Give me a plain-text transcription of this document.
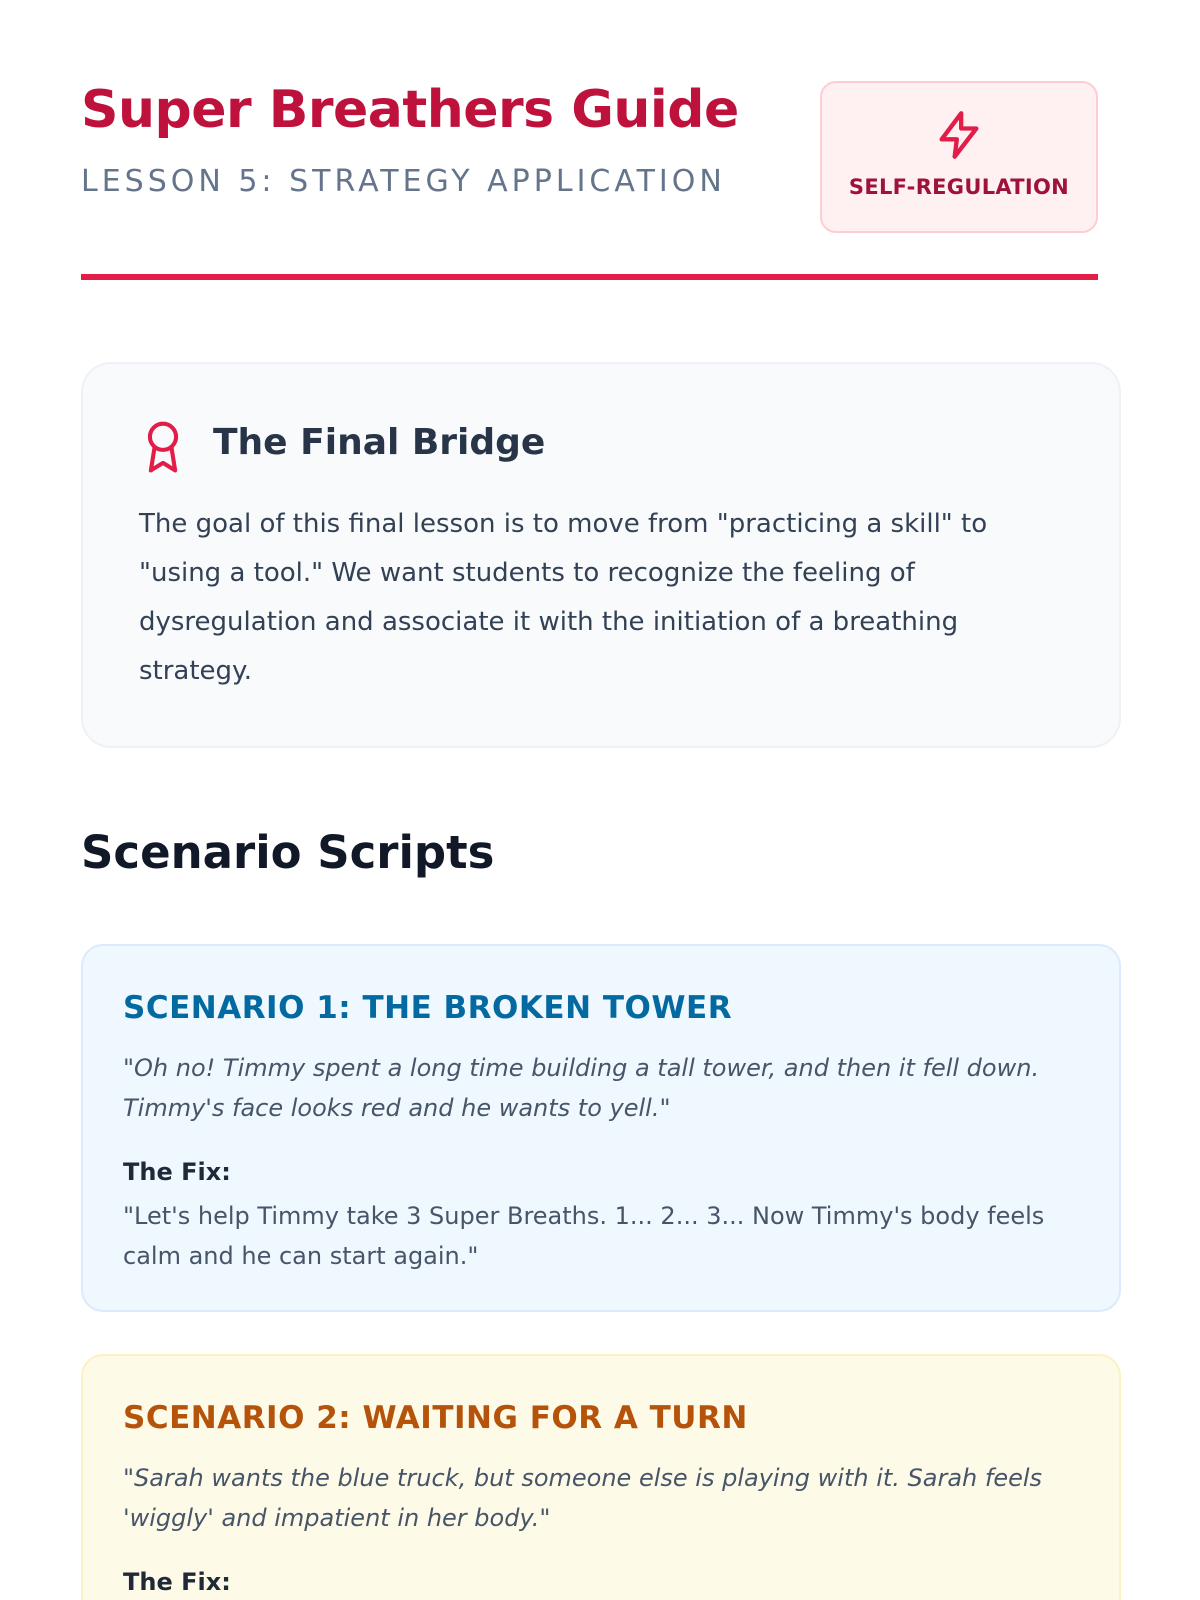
Super Breathers Guide
LESSON 5: STRATEGY APPLICATION	SELF-REGULATION
The Final Bridge

The goal of this final lesson is to move from "practicing a skill" to "using a tool." We want students to recognize the feeling of dysregulation and associate it with the initiation of a breathing strategy.

Scenario Scripts
SCENARIO 1: THE BROKEN TOWER

"Oh no! Timmy spent a long time building a tall tower, and then it fell down. Timmy's face looks red and he wants to yell."

The Fix:

"Let's help Timmy take 3 Super Breaths. 1... 2... 3... Now Timmy's body feels calm and he can start again."

SCENARIO 2: WAITING FOR A TURN

"Sarah wants the blue truck, but someone else is playing with it. Sarah feels 'wiggly' and impatient in her body."

The Fix:
